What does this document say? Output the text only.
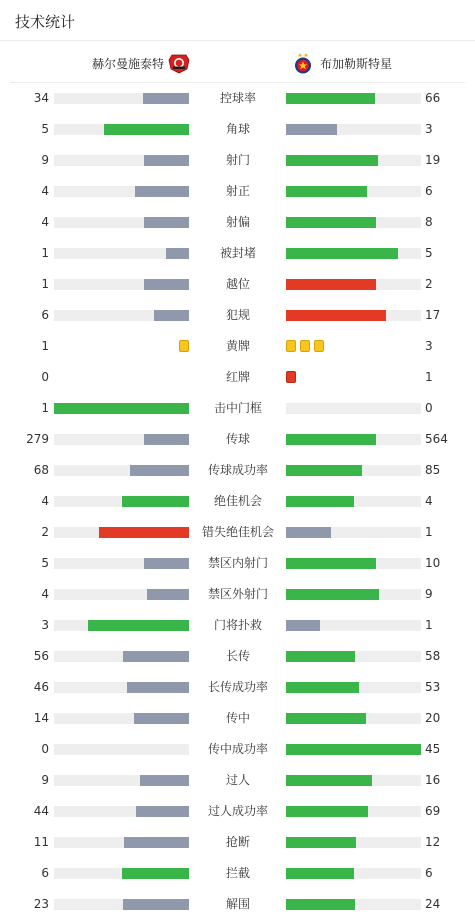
技术统计
赫尔曼施泰特	布加勒斯特星
34	控球率	66
5	角球	3
9	射门	19
4	射正	6
4	射偏	8
1	被封堵	5
1	越位	2
6	犯规	17
1	黄牌	3
0	红牌	1
1	击中门框	0
279	传球	564
68	传球成功率	85
4	绝佳机会	4
2	错失绝佳机会	1
5	禁区内射门	10
4	禁区外射门	9
3	门将扑救	1
56	长传	58
46	长传成功率	53
14	传中	20
0	传中成功率	45
9	过人	16
44	过人成功率	69
11	抢断	12
6	拦截	6
23	解围	24
